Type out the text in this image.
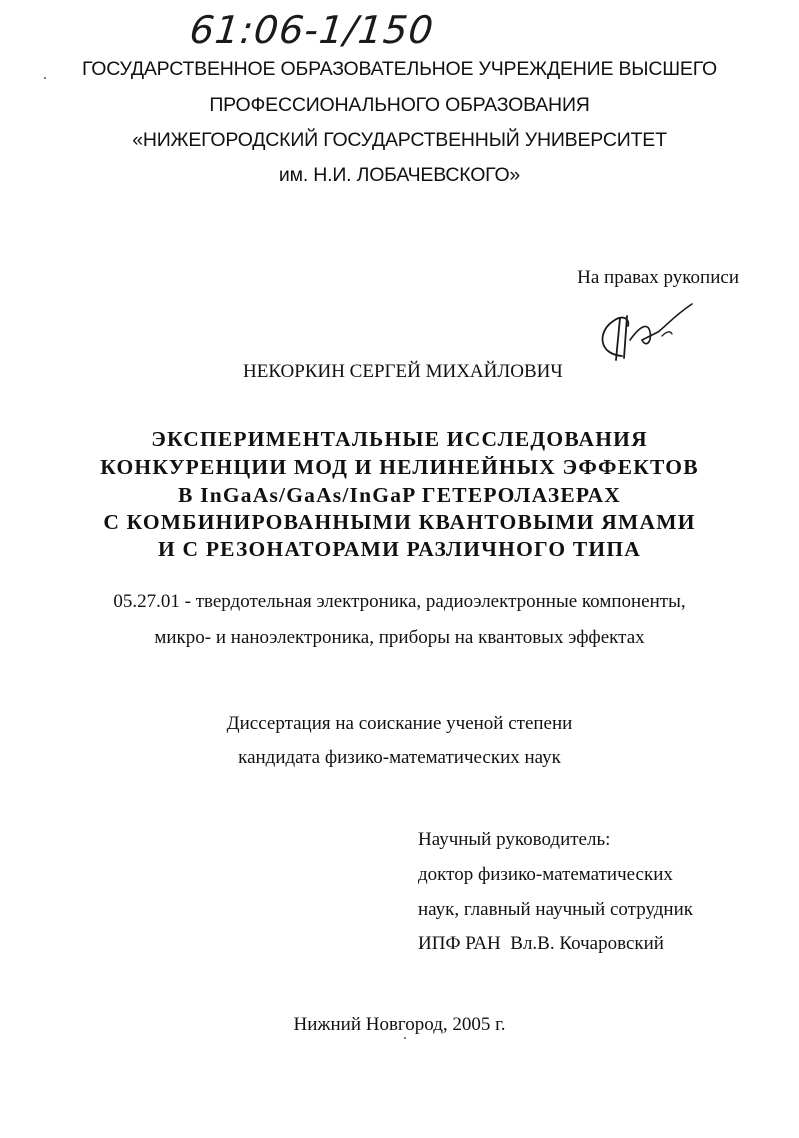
61:06-1/150
ГОСУДАРСТВЕННОЕ ОБРАЗОВАТЕЛЬНОЕ УЧРЕЖДЕНИЕ ВЫСШЕГО
ПРОФЕССИОНАЛЬНОГО ОБРАЗОВАНИЯ
«НИЖЕГОРОДСКИЙ ГОСУДАРСТВЕННЫЙ УНИВЕРСИТЕТ
им. Н.И. ЛОБАЧЕВСКОГО»
На правах рукописи
НЕКОРКИН СЕРГЕЙ МИХАЙЛОВИЧ
ЭКСПЕРИМЕНТАЛЬНЫЕ ИССЛЕДОВАНИЯ
КОНКУРЕНЦИИ МОД И НЕЛИНЕЙНЫХ ЭФФЕКТОВ
В InGaAs/GaAs/InGaP ГЕТЕРОЛАЗЕРАХ
С КОМБИНИРОВАННЫМИ КВАНТОВЫМИ ЯМАМИ
И С РЕЗОНАТОРАМИ РАЗЛИЧНОГО ТИПА
05.27.01 - твердотельная электроника, радиоэлектронные компоненты,
микро- и наноэлектроника, приборы на квантовых эффектах
Диссертация на соискание ученой степени
кандидата физико-математических наук
Научный руководитель:
доктор физико-математических
наук, главный научный сотрудник
ИПФ РАН  Вл.В. Кочаровский
Нижний Новгород, 2005 г.
